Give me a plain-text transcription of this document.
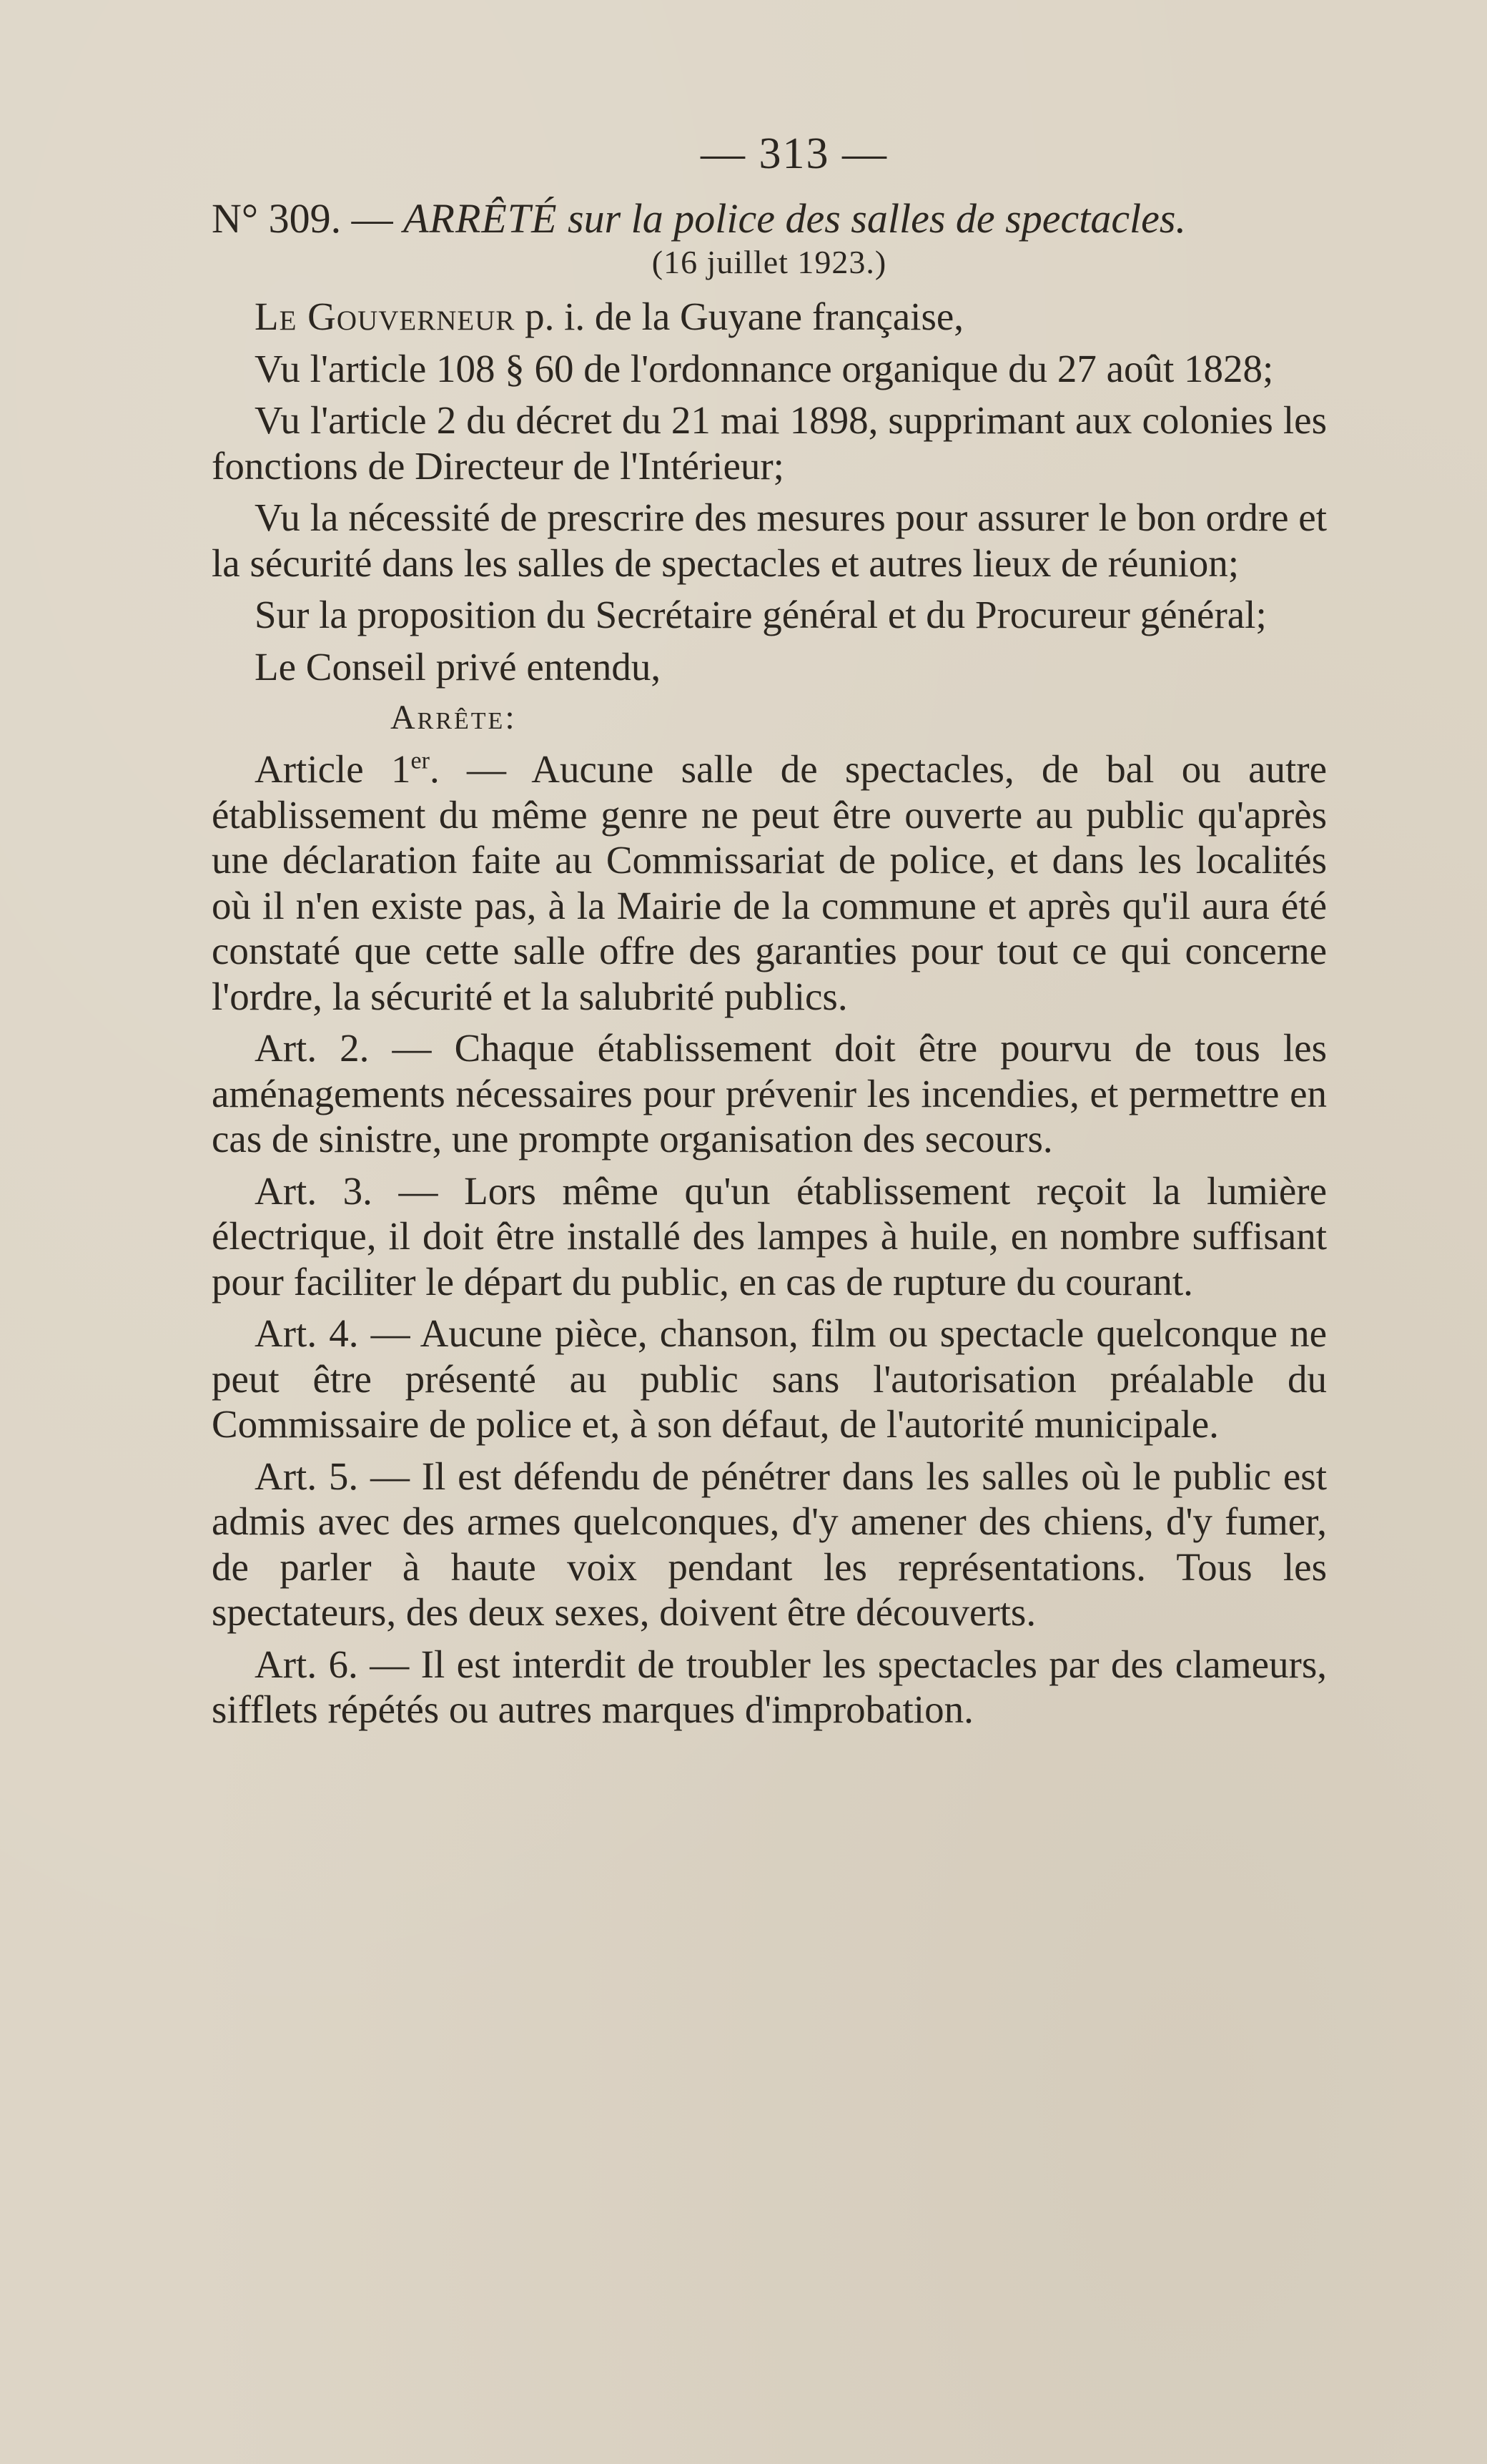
— 313 —
N° 309. — ARRÊTÉ sur la police des salles de spectacles.
(16 juillet 1923.)

Le Gouverneur p. i. de la Guyane française,

Vu l'article 108 § 60 de l'ordonnance organique du 27 août 1828;

Vu l'article 2 du décret du 21 mai 1898, supprimant aux colonies les fonctions de Directeur de l'Intérieur;

Vu la nécessité de prescrire des mesures pour assurer le bon ordre et la sécurité dans les salles de spectacles et autres lieux de réunion;

Sur la proposition du Secrétaire général et du Procureur général;

Le Conseil privé entendu,

Arrête:

Article 1er. — Aucune salle de spectacles, de bal ou autre établissement du même genre ne peut être ouverte au public qu'après une déclaration faite au Commissariat de police, et dans les localités où il n'en existe pas, à la Mairie de la commune et après qu'il aura été constaté que cette salle offre des garanties pour tout ce qui concerne l'ordre, la sécurité et la salubrité publics.

Art. 2. — Chaque établissement doit être pourvu de tous les aménagements nécessaires pour prévenir les incendies, et permettre en cas de sinistre, une prompte organisation des secours.

Art. 3. — Lors même qu'un établissement reçoit la lumière électrique, il doit être installé des lampes à huile, en nombre suffisant pour faciliter le départ du public, en cas de rupture du courant.

Art. 4. — Aucune pièce, chanson, film ou spectacle quelconque ne peut être présenté au public sans l'autorisation préalable du Commissaire de police et, à son défaut, de l'autorité municipale.

Art. 5. — Il est défendu de pénétrer dans les salles où le public est admis avec des armes quelconques, d'y amener des chiens, d'y fumer, de parler à haute voix pendant les représentations. Tous les spectateurs, des deux sexes, doivent être découverts.

Art. 6. — Il est interdit de troubler les spectacles par des clameurs, sifflets répétés ou autres marques d'improbation.
